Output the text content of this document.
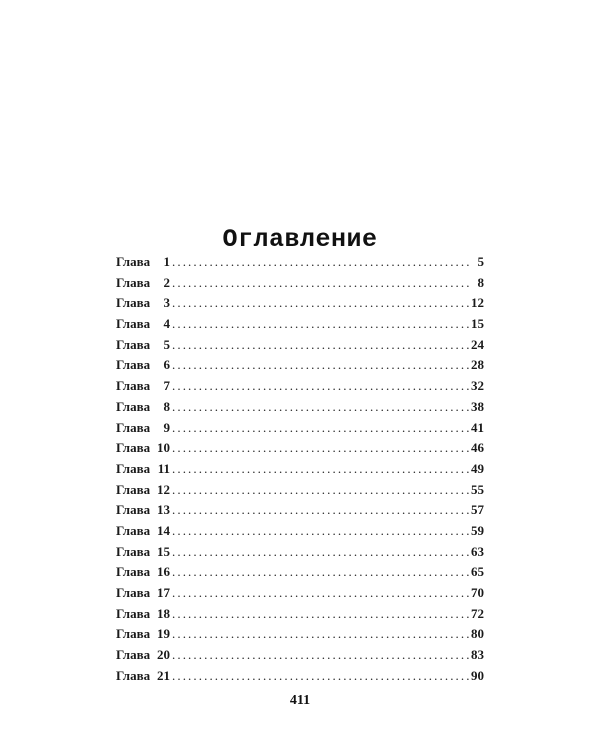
Оглавление
Глава	1 .....	5
Глава	2 .....	8
Глава	3 .....	12
Глава	4 .....	15
Глава	5 .....	24
Глава	6 .....	28
Глава	7 .....	32
Глава	8 .....	38
Глава	9 .....	41
Глава 10 .....	46
Глава 11 .....	49
Глава 12 .....	55
Глава 13 .....	57
Глава 14 .....	59
Глава 15 .....	63
Глава 16 .....	65
Глава 17 .....	70
Глава 18 .....	72
Глава 19 .....	80
Глава 20 .....	83
Глава 21 .....	90
411
